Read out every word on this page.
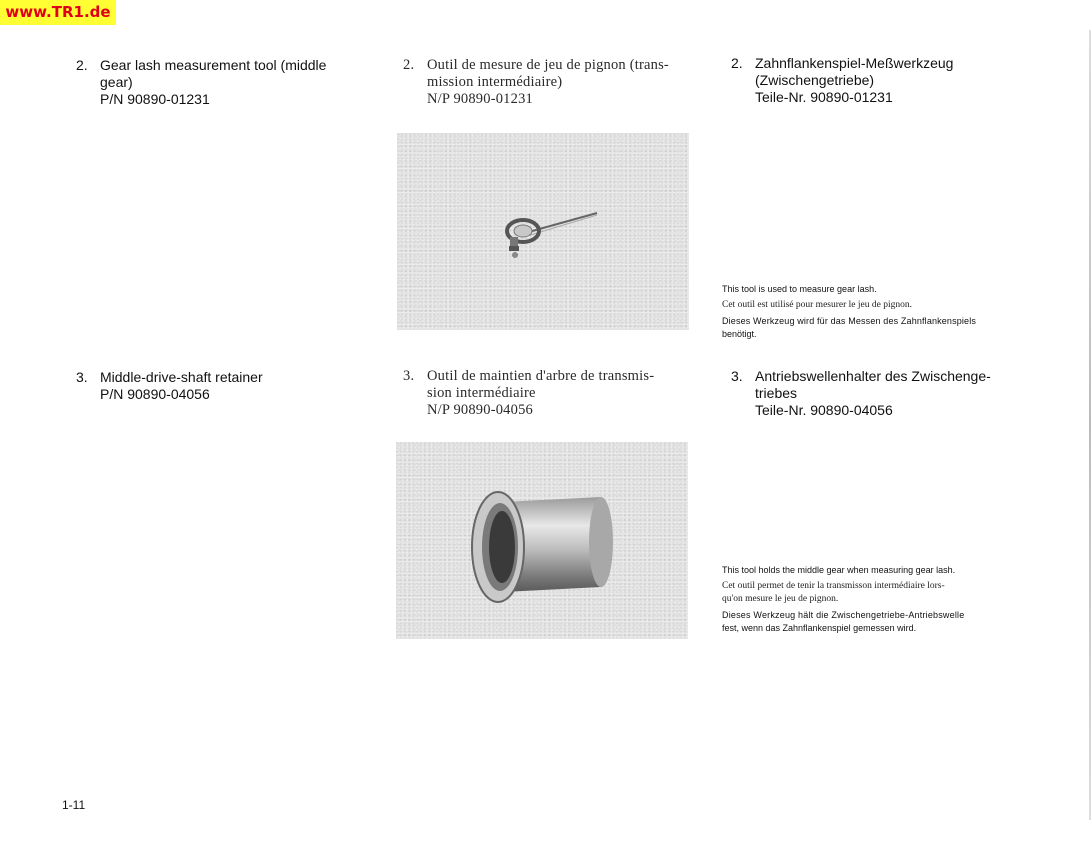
www.TR1.de
2. Gear lash measurement tool (middle
gear)
P/N 90890-01231
2. Outil de mesure de jeu de pignon (trans-
mission intermédiaire)
N/P 90890-01231
2. Zahnflankenspiel-Meßwerkzeug
(Zwischengetriebe)
Teile-Nr. 90890-01231
This tool is used to measure gear lash.
Cet outil est utilisé pour mesurer le jeu de pignon.
Dieses Werkzeug wird für das Messen des Zahnflankenspiels
benötigt.
3. Middle-drive-shaft retainer
P/N 90890-04056
3. Outil de maintien d'arbre de transmis-
sion intermédiaire
N/P 90890-04056
3. Antriebswellenhalter des Zwischenge-
triebes
Teile-Nr. 90890-04056
This tool holds the middle gear when measuring gear lash.
Cet outil permet de tenir la transmisson intermédiaire lors-
qu'on mesure le jeu de pignon.
Dieses Werkzeug hält die Zwischengetriebe-Antriebswelle
fest, wenn das Zahnflankenspiel gemessen wird.
1-11
